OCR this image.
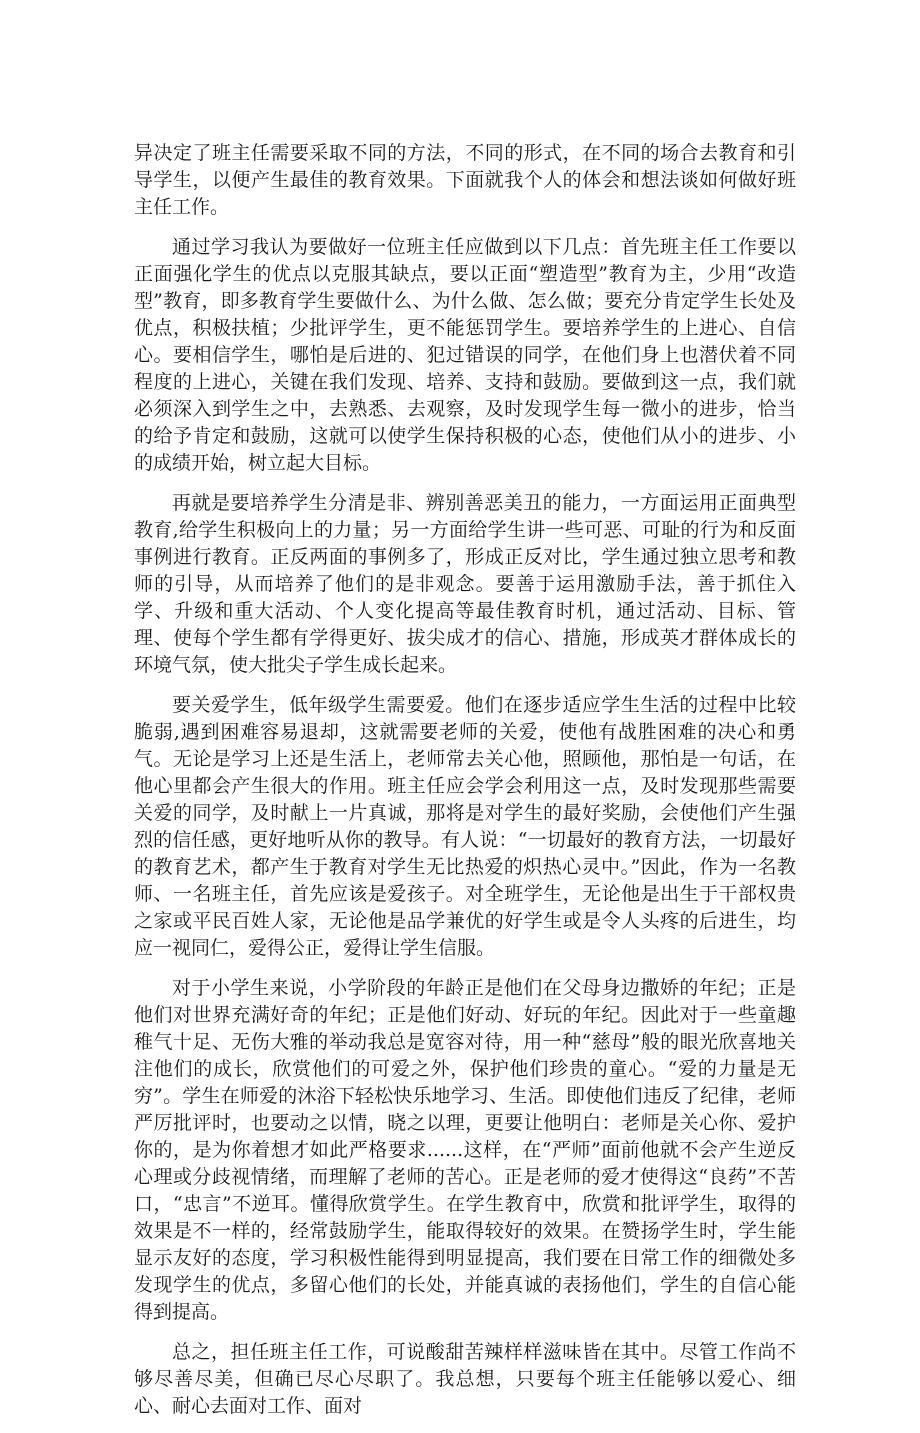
异决定了班主任需要采取不同的方法，不同的形式，在不同的场合去教育和引导学生，以便产生最佳的教育效果。下面就我个人的体会和想法谈如何做好班主任工作。

通过学习我认为要做好一位班主任应做到以下几点：首先班主任工作要以正面强化学生的优点以克服其缺点，要以正面“塑造型”教育为主，少用“改造型”教育，即多教育学生要做什么、为什么做、怎么做；要充分肯定学生长处及优点，积极扶植；少批评学生，更不能惩罚学生。要培养学生的上进心、自信心。要相信学生，哪怕是后进的、犯过错误的同学，在他们身上也潜伏着不同程度的上进心，关键在我们发现、培养、支持和鼓励。要做到这一点，我们就必须深入到学生之中，去熟悉、去观察，及时发现学生每一微小的进步，恰当的给予肯定和鼓励，这就可以使学生保持积极的心态，使他们从小的进步、小的成绩开始，树立起大目标。

再就是要培养学生分清是非、辨别善恶美丑的能力，一方面运用正面典型教育,给学生积极向上的力量；另一方面给学生讲一些可恶、可耻的行为和反面事例进行教育。正反两面的事例多了，形成正反对比，学生通过独立思考和教师的引导，从而培养了他们的是非观念。要善于运用激励手法，善于抓住入学、升级和重大活动、个人变化提高等最佳教育时机，通过活动、目标、管理、使每个学生都有学得更好、拔尖成才的信心、措施，形成英才群体成长的环境气氛，使大批尖子学生成长起来。

要关爱学生，低年级学生需要爱。他们在逐步适应学生生活的过程中比较脆弱,遇到困难容易退却，这就需要老师的关爱，使他有战胜困难的决心和勇气。无论是学习上还是生活上，老师常去关心他，照顾他，那怕是一句话，在他心里都会产生很大的作用。班主任应会学会利用这一点，及时发现那些需要关爱的同学，及时献上一片真诚，那将是对学生的最好奖励，会使他们产生强烈的信任感，更好地听从你的教导。有人说：“一切最好的教育方法，一切最好的教育艺术，都产生于教育对学生无比热爱的炽热心灵中。”因此，作为一名教师、一名班主任，首先应该是爱孩子。对全班学生，无论他是出生于干部权贵之家或平民百姓人家，无论他是品学兼优的好学生或是令人头疼的后进生，均应一视同仁，爱得公正，爱得让学生信服。

对于小学生来说，小学阶段的年龄正是他们在父母身边撒娇的年纪；正是他们对世界充满好奇的年纪；正是他们好动、好玩的年纪。因此对于一些童趣稚气十足、无伤大雅的举动我总是宽容对待，用一种“慈母”般的眼光欣喜地关注他们的成长，欣赏他们的可爱之外，保护他们珍贵的童心。“爱的力量是无穷”。学生在师爱的沐浴下轻松快乐地学习、生活。即使他们违反了纪律，老师严厉批评时，也要动之以情，晓之以理，更要让他明白：老师是关心你、爱护你的，是为你着想才如此严格要求......这样，在“严师”面前他就不会产生逆反心理或分歧视情绪，而理解了老师的苦心。正是老师的爱才使得这“良药”不苦口，“忠言”不逆耳。懂得欣赏学生。在学生教育中，欣赏和批评学生，取得的效果是不一样的，经常鼓励学生，能取得较好的效果。在赞扬学生时，学生能显示友好的态度，学习积极性能得到明显提高，我们要在日常工作的细微处多发现学生的优点，多留心他们的长处，并能真诚的表扬他们，学生的自信心能得到提高。

总之，担任班主任工作，可说酸甜苦辣样样滋味皆在其中。尽管工作尚不够尽善尽美，但确已尽心尽职了。我总想，只要每个班主任能够以爱心、细心、耐心去面对工作、面对
